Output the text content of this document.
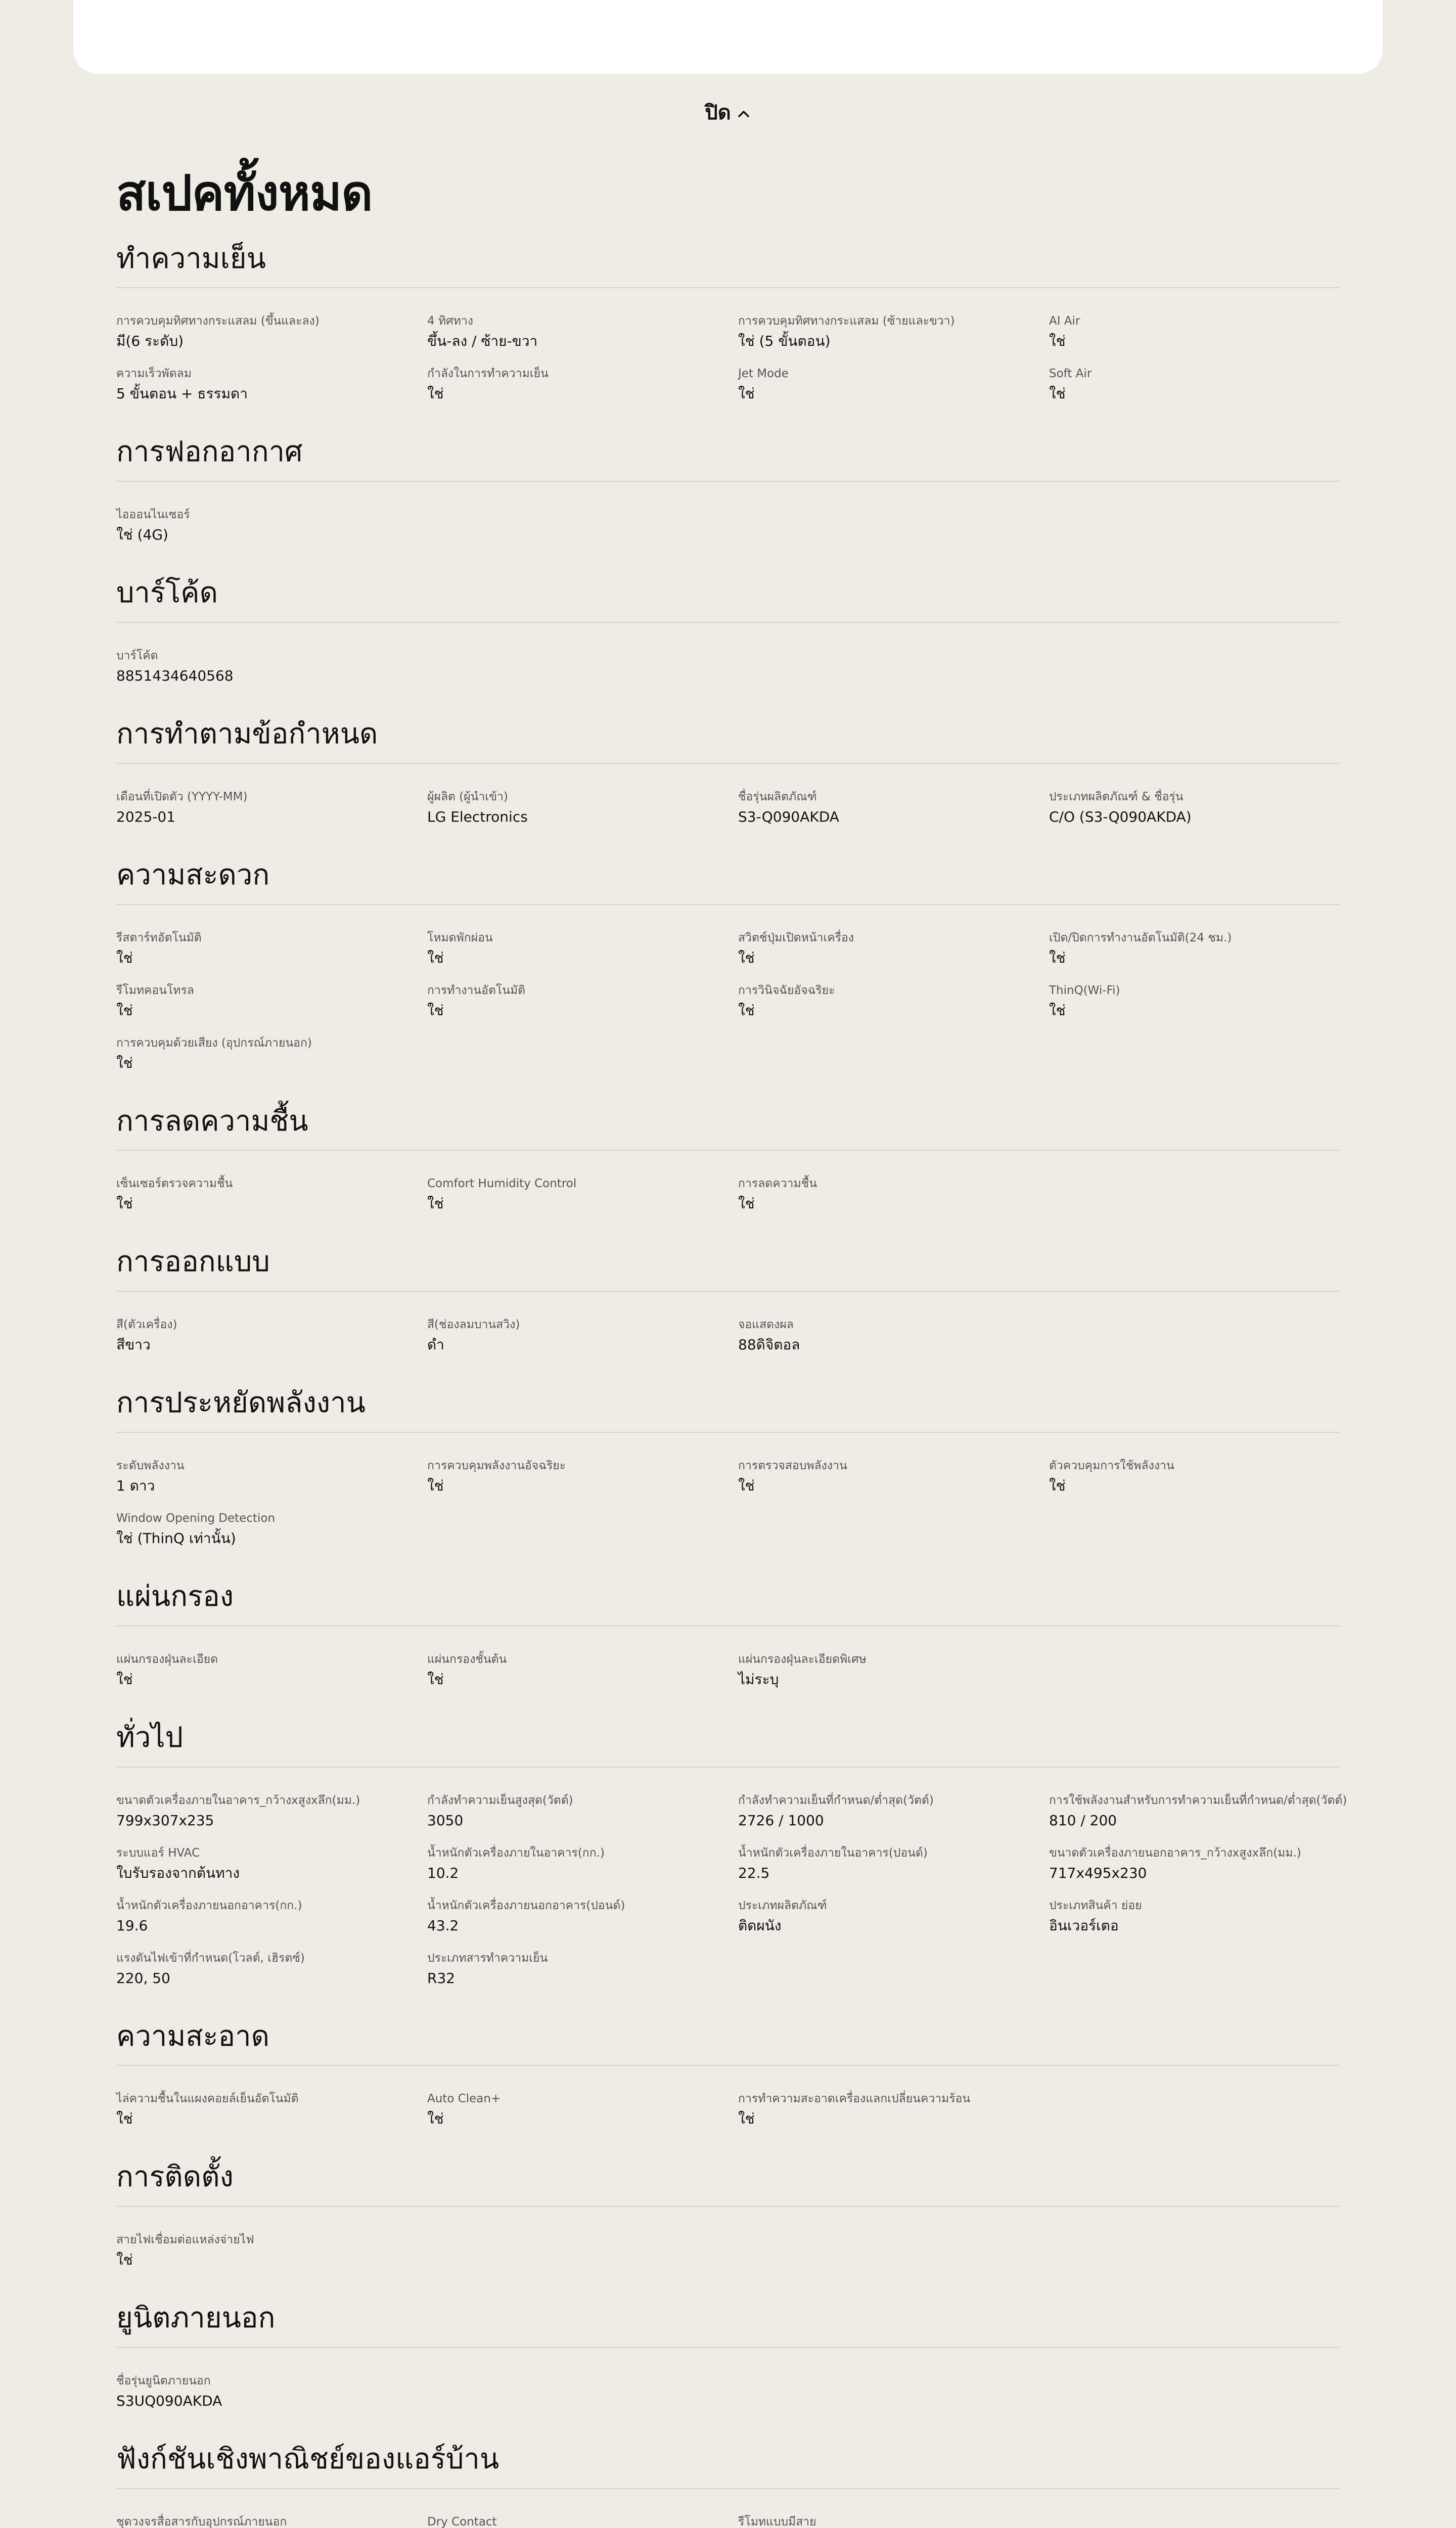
ปิด
สเปคทั้งหมด
ทำความเย็น
การควบคุมทิศทางกระแสลม (ขึ้นและลง)
มี(6 ระดับ)
4 ทิศทาง
ขึ้น-ลง / ซ้าย-ขวา
การควบคุมทิศทางกระแสลม (ซ้ายและขวา)
ใช่ (5 ขั้นตอน)
AI Air
ใช่
ความเร็วพัดลม
5 ขั้นตอน + ธรรมดา
กำลังในการทำความเย็น
ใช่
Jet Mode
ใช่
Soft Air
ใช่
การฟอกอากาศ
ไอออนไนเซอร์
ใช่ (4G)
บาร์โค้ด
บาร์โค้ด
8851434640568
การทำตามข้อกำหนด
เดือนที่เปิดตัว (YYYY-MM)
2025-01
ผู้ผลิต (ผู้นำเข้า)
LG Electronics
ชื่อรุ่นผลิตภัณฑ์
S3-Q090AKDA
ประเภทผลิตภัณฑ์ & ชื่อรุ่น
C/O (S3-Q090AKDA)
ความสะดวก
รีสตาร์ทอัตโนมัติ
ใช่
โหมดพักผ่อน
ใช่
สวิตช์ปุ่มเปิดหน้าเครื่อง
ใช่
เปิด/ปิดการทำงานอัตโนมัติ(24 ชม.)
ใช่
รีโมทคอนโทรล
ใช่
การทำงานอัตโนมัติ
ใช่
การวินิจฉัยอัจฉริยะ
ใช่
ThinQ(Wi-Fi)
ใช่
การควบคุมด้วยเสียง (อุปกรณ์ภายนอก)
ใช่
การลดความชื้น
เซ็นเซอร์ตรวจความชื้น
ใช่
Comfort Humidity Control
ใช่
การลดความชื้น
ใช่
การออกแบบ
สี(ตัวเครื่อง)
สีขาว
สี(ช่องลมบานสวิง)
ดำ
จอแสดงผล
88ดิจิตอล
การประหยัดพลังงาน
ระดับพลังงาน
1 ดาว
การควบคุมพลังงานอัจฉริยะ
ใช่
การตรวจสอบพลังงาน
ใช่
ตัวควบคุมการใช้พลังงาน
ใช่
Window Opening Detection
ใช่ (ThinQ เท่านั้น)
แผ่นกรอง
แผ่นกรองฝุ่นละเอียด
ใช่
แผ่นกรองชั้นต้น
ใช่
แผ่นกรองฝุ่นละเอียดพิเศษ
ไม่ระบุ
ทั่วไป
ขนาดตัวเครื่องภายในอาคาร_กว้างxสูงxลึก(มม.)
799x307x235
กำลังทำความเย็นสูงสุด(วัตต์)
3050
กำลังทำความเย็นที่กำหนด/ต่ำสุด(วัตต์)
2726 / 1000
การใช้พลังงานสำหรับการทำความเย็นที่กำหนด/ต่ำสุด(วัตต์)
810 / 200
ระบบแอร์ HVAC
ใบรับรองจากต้นทาง
น้ำหนักตัวเครื่องภายในอาคาร(กก.)
10.2
น้ำหนักตัวเครื่องภายในอาคาร(ปอนด์)
22.5
ขนาดตัวเครื่องภายนอกอาคาร_กว้างxสูงxลึก(มม.)
717x495x230
น้ำหนักตัวเครื่องภายนอกอาคาร(กก.)
19.6
น้ำหนักตัวเครื่องภายนอกอาคาร(ปอนด์)
43.2
ประเภทผลิตภัณฑ์
ติดผนัง
ประเภทสินค้า ย่อย
อินเวอร์เตอ
แรงดันไฟเข้าที่กำหนด(โวลต์, เฮิรตซ์)
220, 50
ประเภทสารทำความเย็น
R32
ความสะอาด
ไล่ความชื้นในแผงคอยล์เย็นอัตโนมัติ
ใช่
Auto Clean+
ใช่
การทำความสะอาดเครื่องแลกเปลี่ยนความร้อน
ใช่
การติดตั้ง
สายไฟเชื่อมต่อแหล่งจ่ายไฟ
ใช่
ยูนิตภายนอก
ชื่อรุ่นยูนิตภายนอก
S3UQ090AKDA
ฟังก์ชันเชิงพาณิชย์ของแอร์บ้าน
ชุดวงจรสื่อสารกับอุปกรณ์ภายนอก	Dry Contact	รีโมทแบบมีสาย
